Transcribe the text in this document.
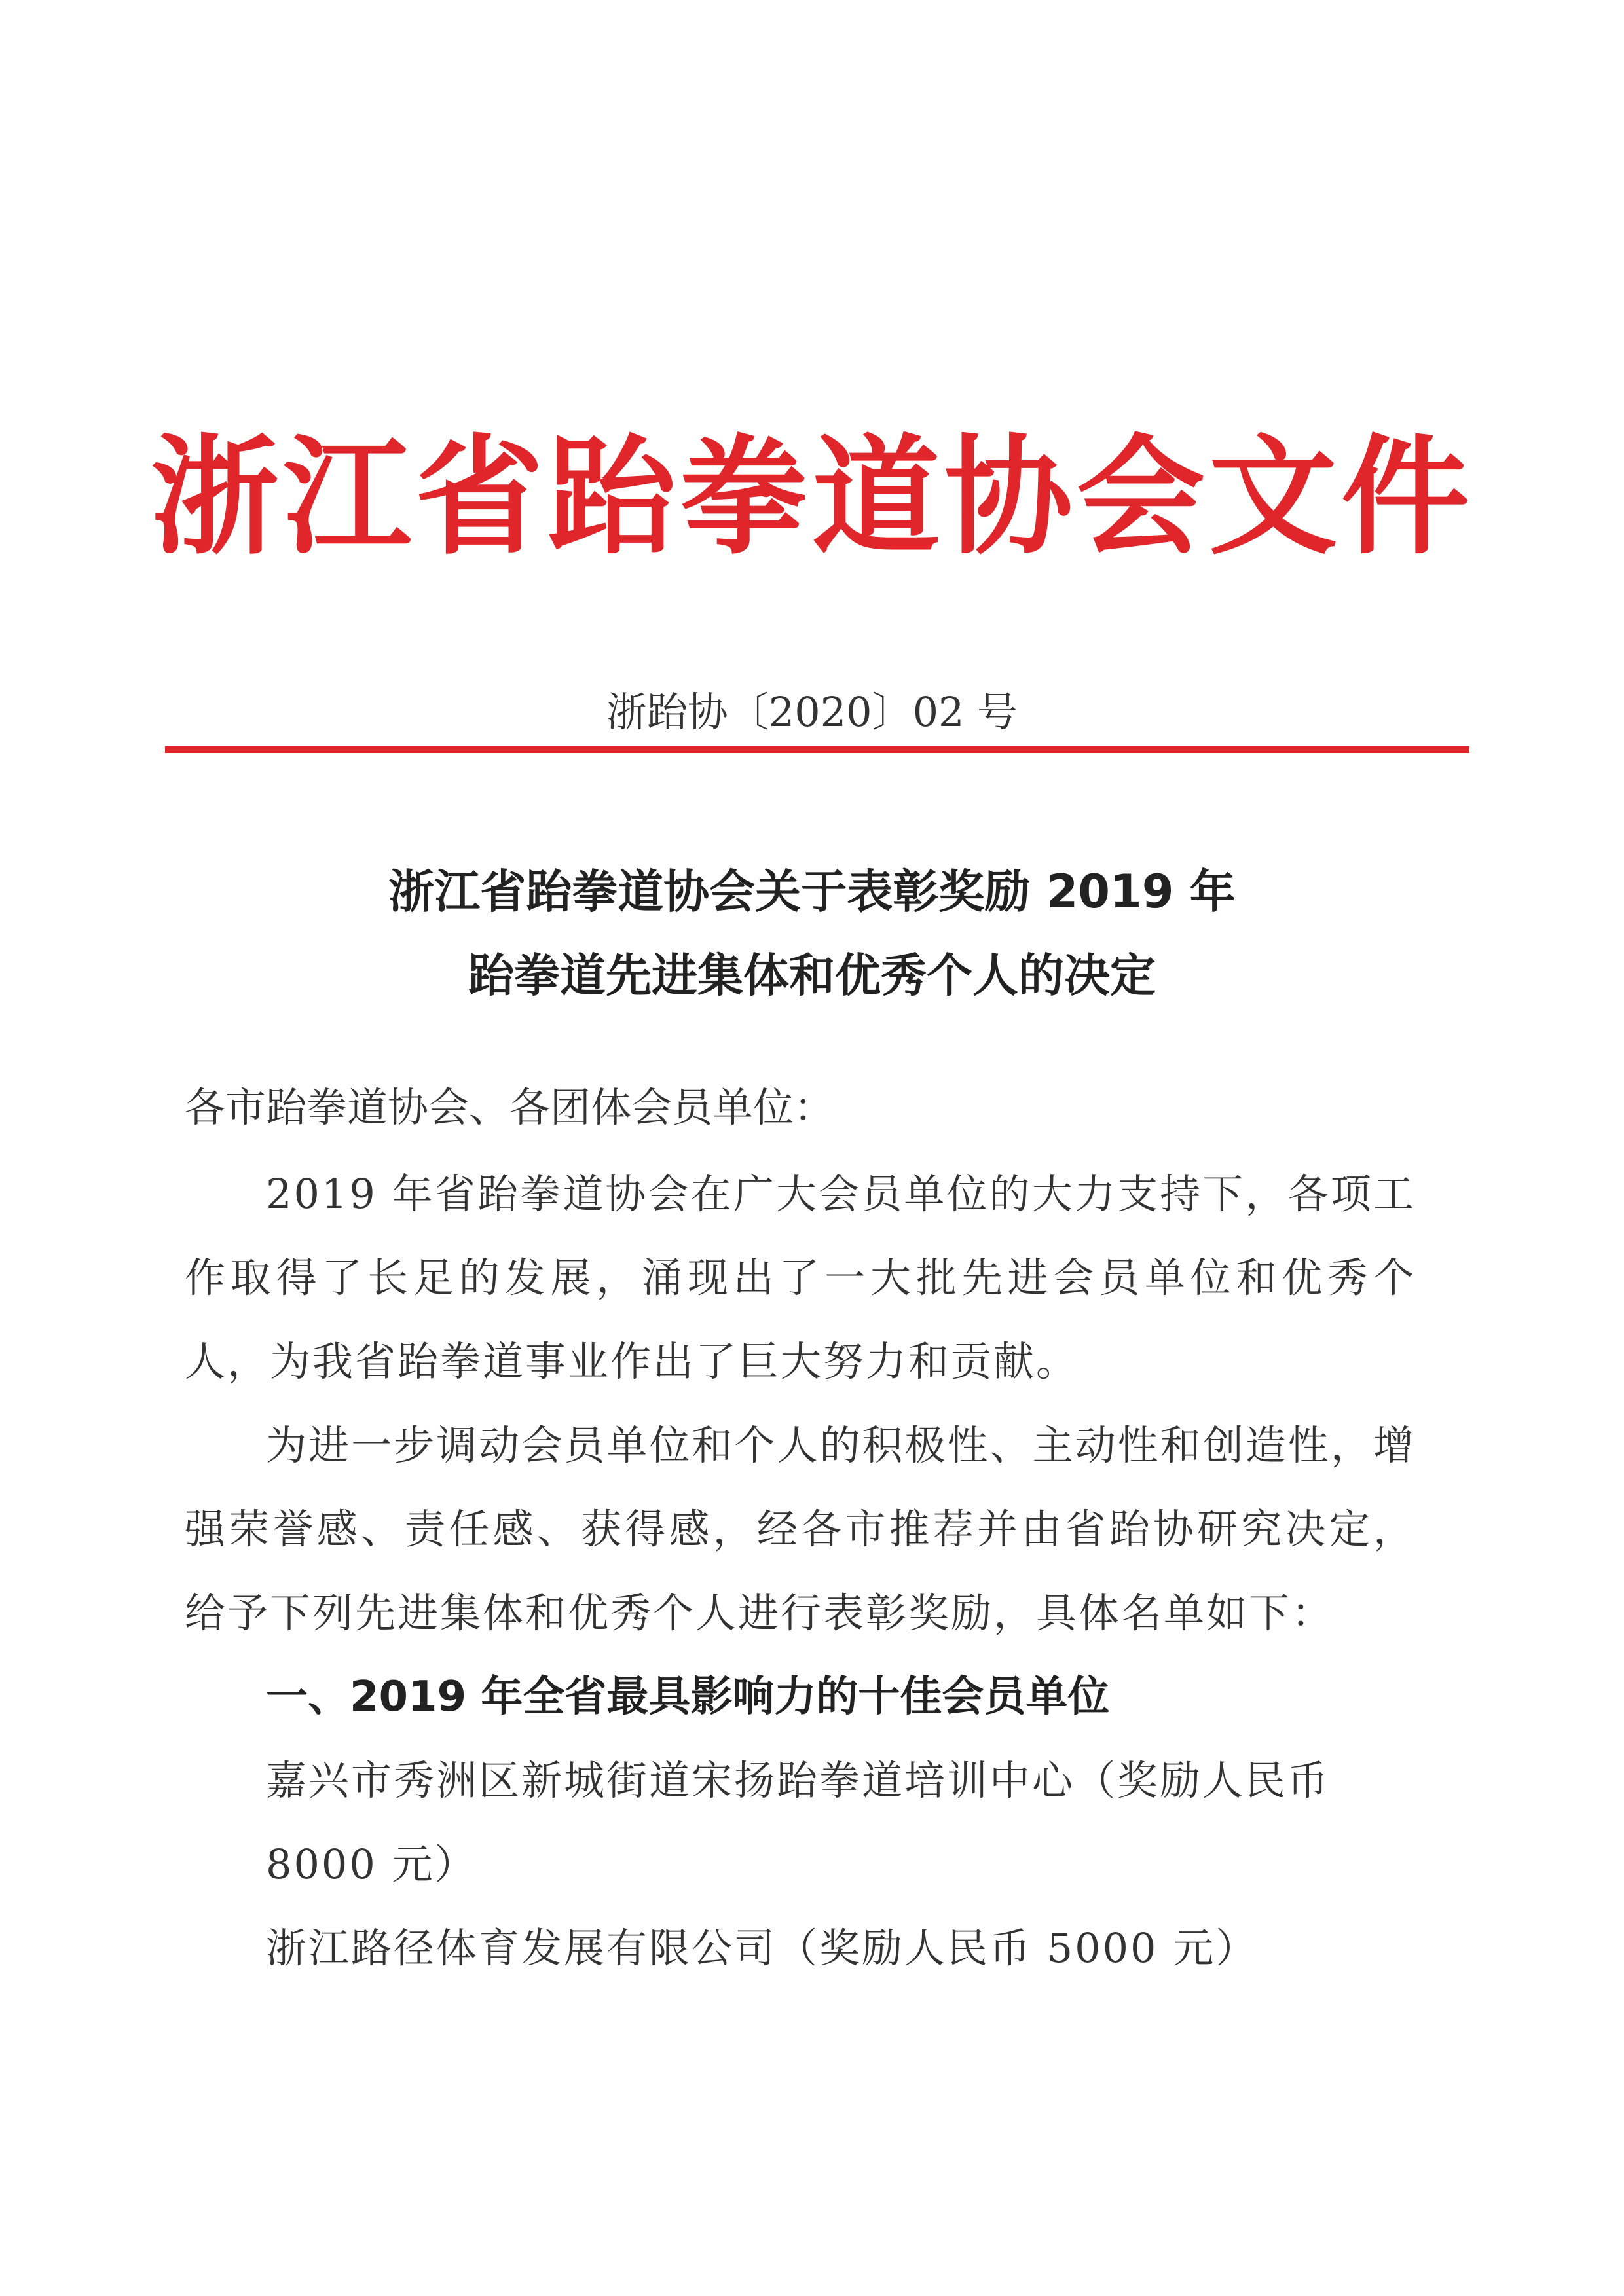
浙江省跆拳道协会文件
浙跆协〔2020〕02 号
浙江省跆拳道协会关于表彰奖励 2019 年
跆拳道先进集体和优秀个人的决定

各市跆拳道协会、各团体会员单位：

2019 年省跆拳道协会在广大会员单位的大力支持下，各项工作取得了长足的发展，涌现出了一大批先进会员单位和优秀个人，为我省跆拳道事业作出了巨大努力和贡献。

为进一步调动会员单位和个人的积极性、主动性和创造性，增强荣誉感、责任感、获得感，经各市推荐并由省跆协研究决定，给予下列先进集体和优秀个人进行表彰奖励，具体名单如下：

一、2019 年全省最具影响力的十佳会员单位

嘉兴市秀洲区新城街道宋扬跆拳道培训中心（奖励人民币8000 元）

浙江路径体育发展有限公司（奖励人民币 5000 元）
